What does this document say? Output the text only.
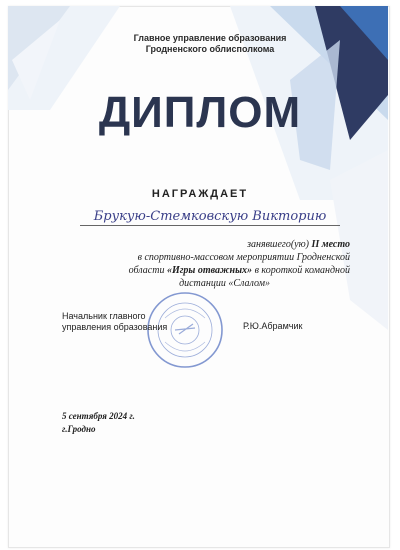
Главное управление образования
Гродненского облисполкома
ДИПЛОМ
НАГРАЖДАЕТ
Брукую-Стемковскую Викторию
занявшего(ую) II место
в спортивно-массовом мероприятии Гродненской
области «Игры отважных» в короткой командной
дистанции «Слалом»
Начальник главного
управления образования	Р.Ю.Абрамчик
5 сентября 2024 г.
г.Гродно
